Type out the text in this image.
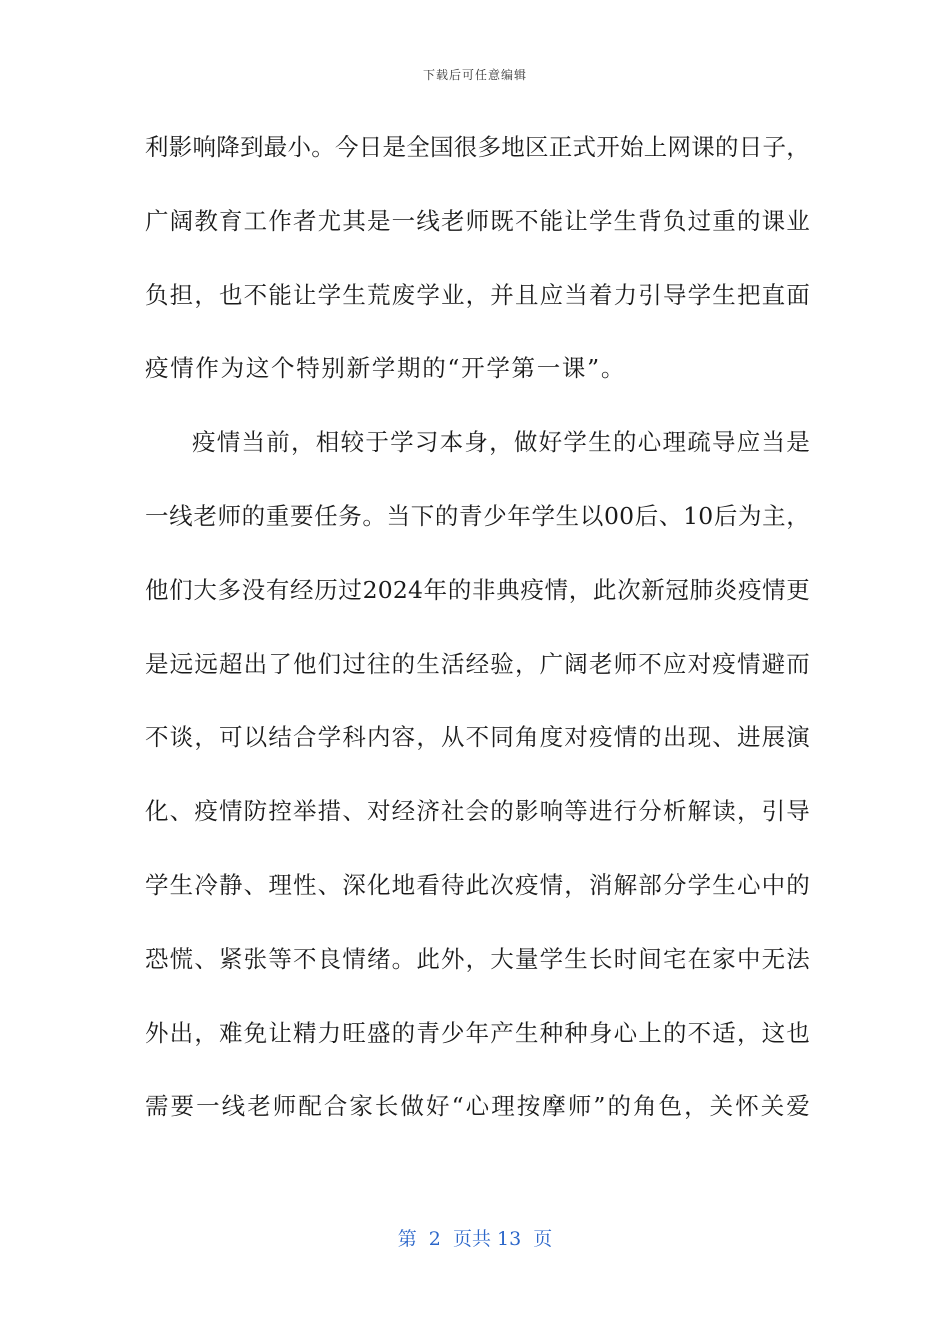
下载后可任意编辑
利影响降到最小。今日是全国很多地区正式开始上网课的日子，
广阔教育工作者尤其是一线老师既不能让学生背负过重的课业
负担，也不能让学生荒废学业，并且应当着力引导学生把直面
疫情作为这个特别新学期的“开学第一课”。
疫情当前，相较于学习本身，做好学生的心理疏导应当是
一线老师的重要任务。当下的青少年学生以00后、10后为主，
他们大多没有经历过2024年的非典疫情，此次新冠肺炎疫情更
是远远超出了他们过往的生活经验，广阔老师不应对疫情避而
不谈，可以结合学科内容，从不同角度对疫情的出现、进展演
化、疫情防控举措、对经济社会的影响等进行分析解读，引导
学生冷静、理性、深化地看待此次疫情，消解部分学生心中的
恐慌、紧张等不良情绪。此外，大量学生长时间宅在家中无法
外出，难免让精力旺盛的青少年产生种种身心上的不适，这也
需要一线老师配合家长做好“心理按摩师”的角色，关怀关爱
第  2  页共 13  页
